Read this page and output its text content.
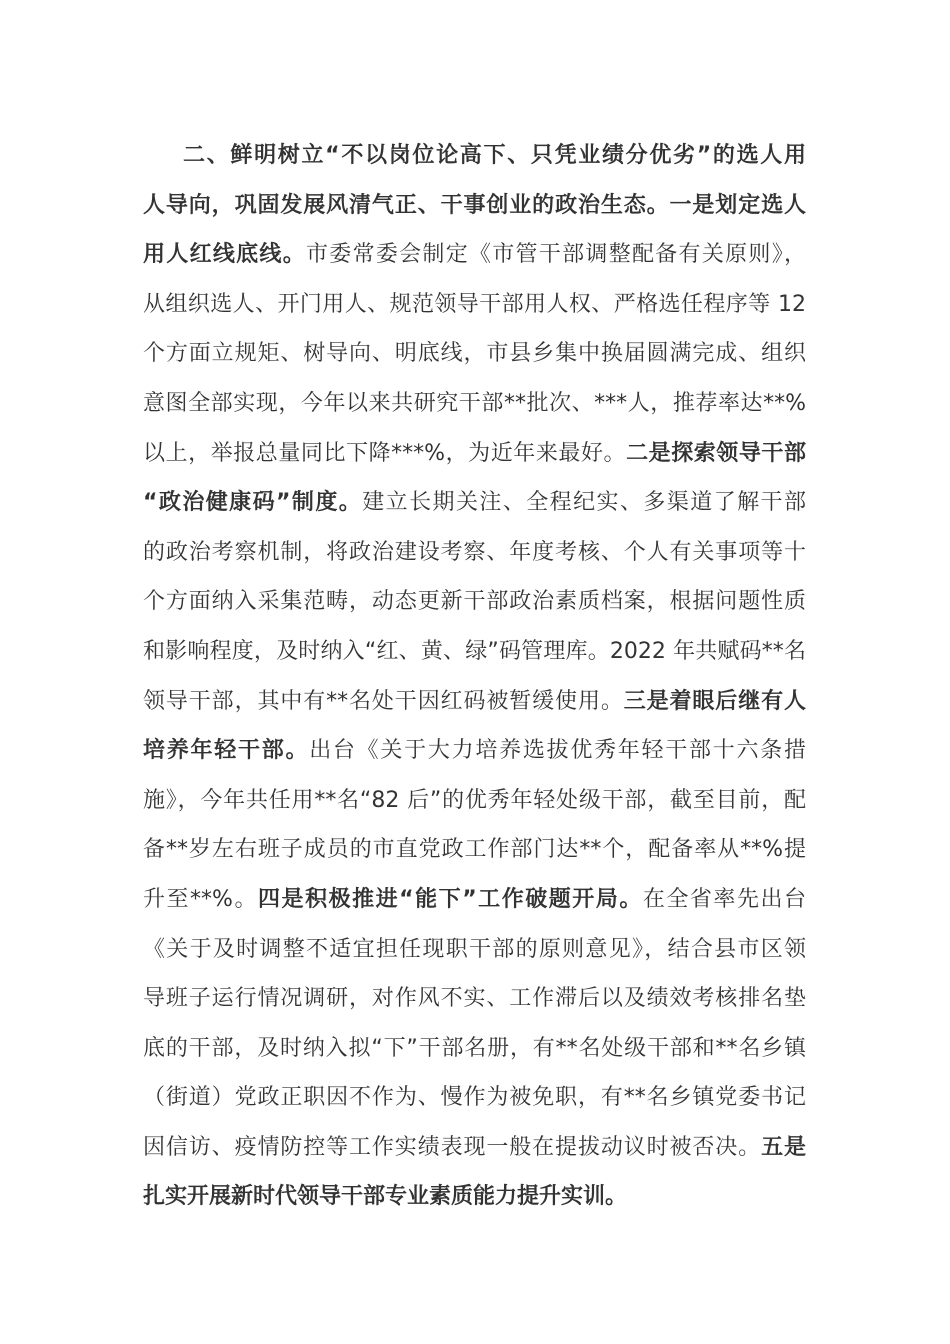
二、鲜明树立“不以岗位论高下、只凭业绩分优劣”的选人用
人导向，巩固发展风清气正、干事创业的政治生态。一是划定选人
用人红线底线。市委常委会制定《市管干部调整配备有关原则》，
从组织选人、开门用人、规范领导干部用人权、严格选任程序等 12
个方面立规矩、树导向、明底线，市县乡集中换届圆满完成、组织
意图全部实现，今年以来共研究干部**批次、***人，推荐率达**%
以上，举报总量同比下降***%，为近年来最好。二是探索领导干部
“政治健康码”制度。建立长期关注、全程纪实、多渠道了解干部
的政治考察机制，将政治建设考察、年度考核、个人有关事项等十
个方面纳入采集范畴，动态更新干部政治素质档案，根据问题性质
和影响程度，及时纳入“红、黄、绿”码管理库。2022 年共赋码**名
领导干部，其中有**名处干因红码被暂缓使用。三是着眼后继有人
培养年轻干部。出台《关于大力培养选拔优秀年轻干部十六条措
施》，今年共任用**名“82 后”的优秀年轻处级干部，截至目前，配
备**岁左右班子成员的市直党政工作部门达**个，配备率从**%提
升至**%。四是积极推进“能下”工作破题开局。在全省率先出台
《关于及时调整不适宜担任现职干部的原则意见》，结合县市区领
导班子运行情况调研，对作风不实、工作滞后以及绩效考核排名垫
底的干部，及时纳入拟“下”干部名册，有**名处级干部和**名乡镇
（街道）党政正职因不作为、慢作为被免职，有**名乡镇党委书记
因信访、疫情防控等工作实绩表现一般在提拔动议时被否决。五是
扎实开展新时代领导干部专业素质能力提升实训。
